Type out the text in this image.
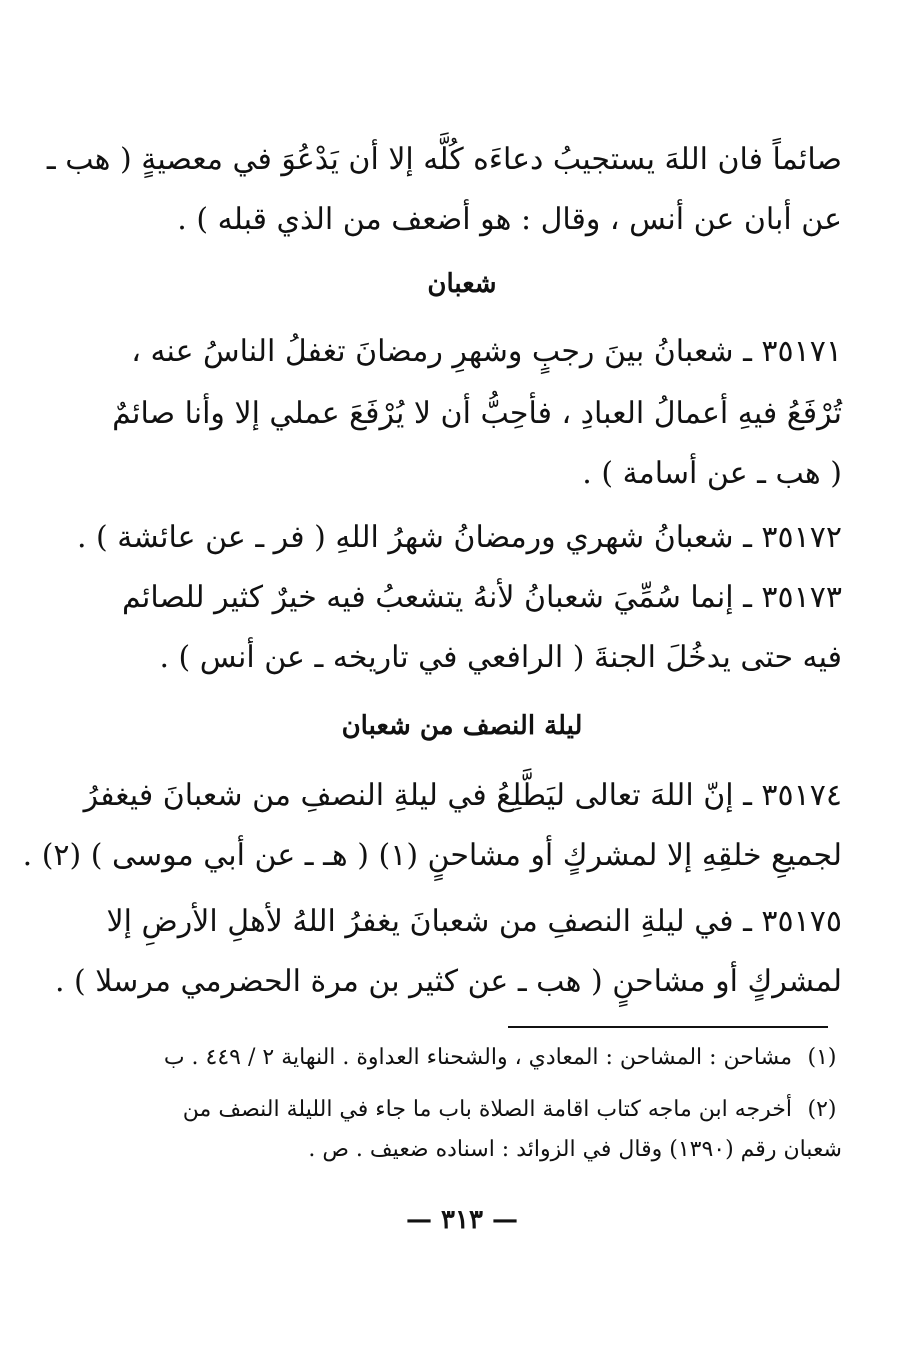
صائماً فان اللهَ يستجيبُ دعاءَه كُلَّه إلا أن يَدْعُوَ في معصيةٍ ( هب ـ
عن أبان عن أنس ، وقال : هو أضعف من الذي قبله ) .
شعبان
٣٥١٧١ ـ شعبانُ بينَ رجبٍ وشهرِ رمضانَ تغفلُ الناسُ عنه ،
تُرْفَعُ فيهِ أعمالُ العبادِ ، فأحِبُّ أن لا يُرْفَعَ عملي إلا وأنا صائمٌ
( هب ـ عن أسامة ) .
٣٥١٧٢ ـ شعبانُ شهري ورمضانُ شهرُ اللهِ ( فر ـ عن عائشة ) .
٣٥١٧٣ ـ إنما سُمِّيَ شعبانُ لأنهُ يتشعبُ فيه خيرٌ كثير للصائم
فيه حتى يدخُلَ الجنةَ ( الرافعي في تاريخه ـ عن أنس ) .
ليلة النصف من شعبان
٣٥١٧٤ ـ إنّ اللهَ تعالى ليَطَّلِعُ في ليلةِ النصفِ من شعبانَ فيغفرُ
لجميعِ خلقِهِ إلا لمشركٍ أو مشاحنٍ (١) ( هـ ـ عن أبي موسى ) (٢) .
٣٥١٧٥ ـ في ليلةِ النصفِ من شعبانَ يغفرُ اللهُ لأهلِ الأرضِ إلا
لمشركٍ أو مشاحنٍ ( هب ـ عن كثير بن مرة الحضرمي مرسلا ) .
(١)مشاحن : المشاحن : المعادي ، والشحناء العداوة . النهاية ٢ / ٤٤٩ . ب
(٢)أخرجه ابن ماجه كتاب اقامة الصلاة باب ما جاء في الليلة النصف من
شعبان رقم (١٣٩٠) وقال في الزوائد : اسناده ضعيف . ص .
— ٣١٣ —
